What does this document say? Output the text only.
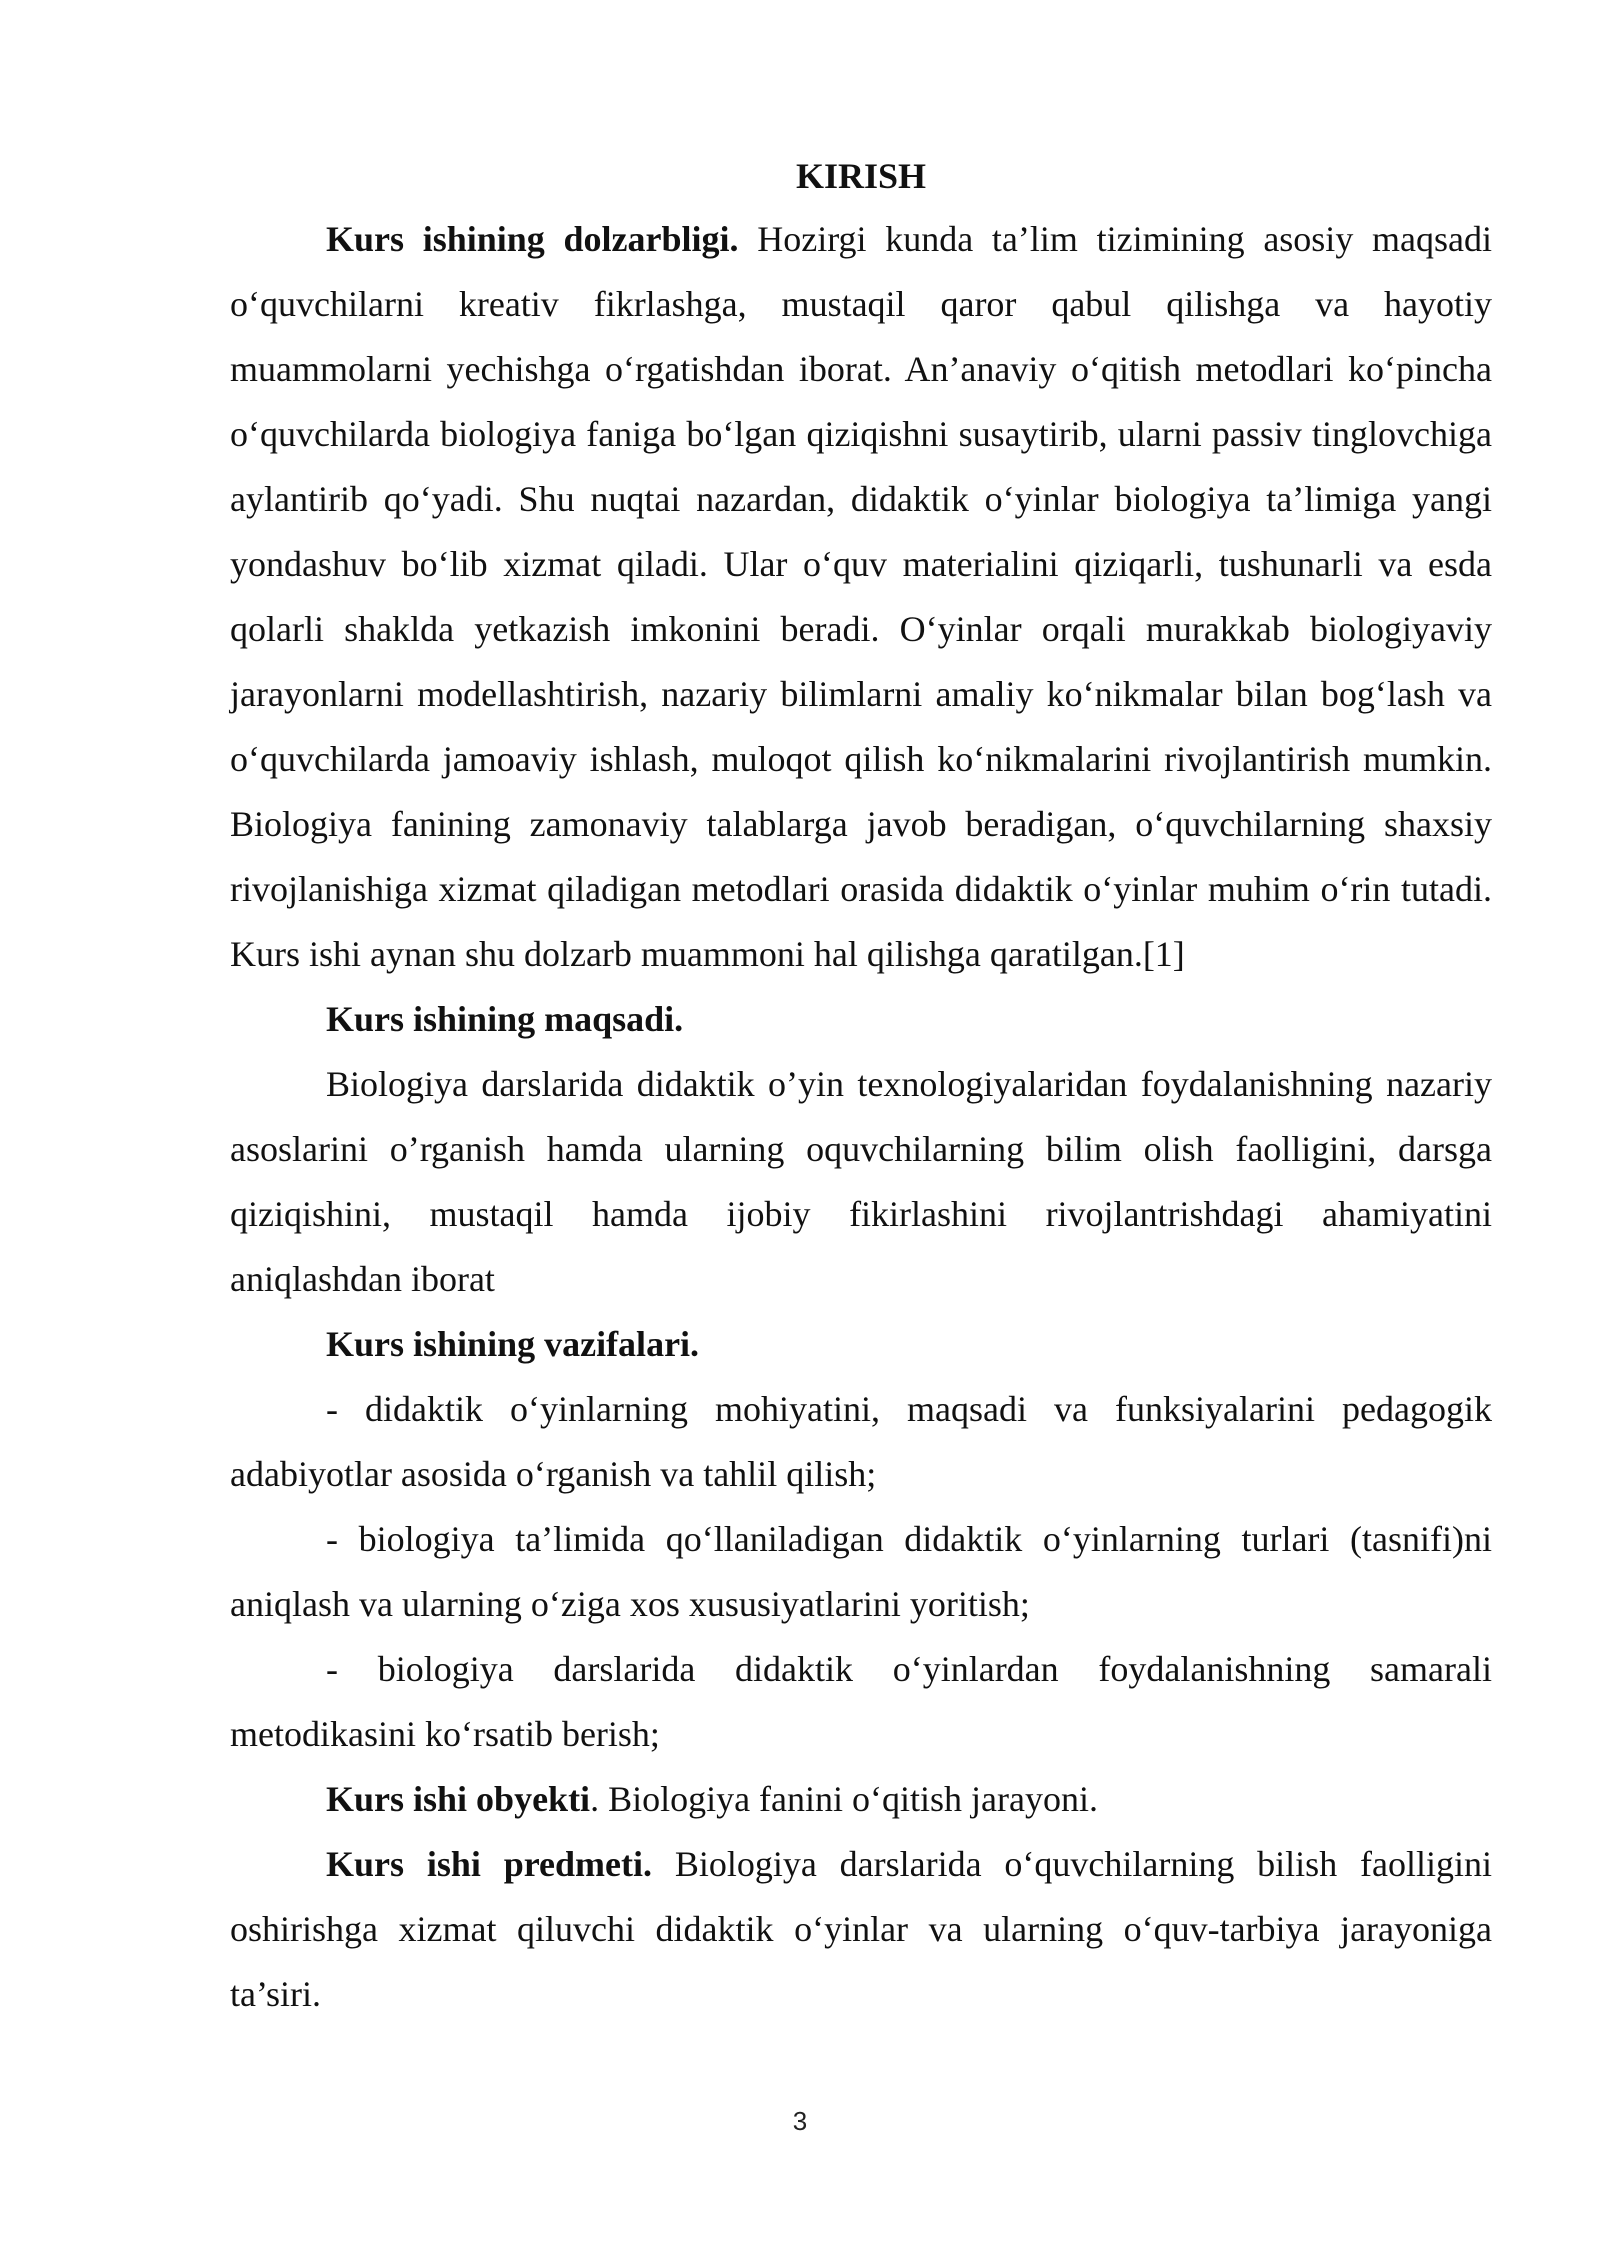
KIRISH

Kurs ishining dolzarbligi. Hozirgi kunda ta’lim tizimining asosiy maqsadi o‘quvchilarni kreativ fikrlashga, mustaqil qaror qabul qilishga va hayotiy muammolarni yechishga o‘rgatishdan iborat. An’anaviy o‘qitish metodlari ko‘pincha o‘quvchilarda biologiya faniga bo‘lgan qiziqishni susaytirib, ularni passiv tinglovchiga aylantirib qo‘yadi. Shu nuqtai nazardan, didaktik o‘yinlar biologiya ta’limiga yangi yondashuv bo‘lib xizmat qiladi. Ular o‘quv materialini qiziqarli, tushunarli va esda qolarli shaklda yetkazish imkonini beradi. O‘yinlar orqali murakkab biologiyaviy jarayonlarni modellashtirish, nazariy bilimlarni amaliy ko‘nikmalar bilan bog‘lash va o‘quvchilarda jamoaviy ishlash, muloqot qilish ko‘nikmalarini rivojlantirish mumkin. Biologiya fanining zamonaviy talablarga javob beradigan, o‘quvchilarning shaxsiy rivojlanishiga xizmat qiladigan metodlari orasida didaktik o‘yinlar muhim o‘rin tutadi. Kurs ishi aynan shu dolzarb muammoni hal qilishga qaratilgan.[1]

Kurs ishining maqsadi.

Biologiya darslarida didaktik o’yin texnologiyalaridan foydalanishning nazariy asoslarini o’rganish hamda ularning oquvchilarning bilim olish faolligini, darsga qiziqishini, mustaqil hamda ijobiy fikirlashini rivojlantrishdagi ahamiyatini aniqlashdan iborat

Kurs ishining vazifalari.

- didaktik o‘yinlarning mohiyatini, maqsadi va funksiyalarini pedagogik adabiyotlar asosida o‘rganish va tahlil qilish;

- biologiya ta’limida qo‘llaniladigan didaktik o‘yinlarning turlari (tasnifi)ni aniqlash va ularning o‘ziga xos xususiyatlarini yoritish;

- biologiya darslarida didaktik o‘yinlardan foydalanishning samarali metodikasini ko‘rsatib berish;

Kurs ishi obyekti. Biologiya fanini o‘qitish jarayoni.

Kurs ishi predmeti. Biologiya darslarida o‘quvchilarning bilish faolligini oshirishga xizmat qiluvchi didaktik o‘yinlar va ularning o‘quv-tarbiya jarayoniga ta’siri.

3
